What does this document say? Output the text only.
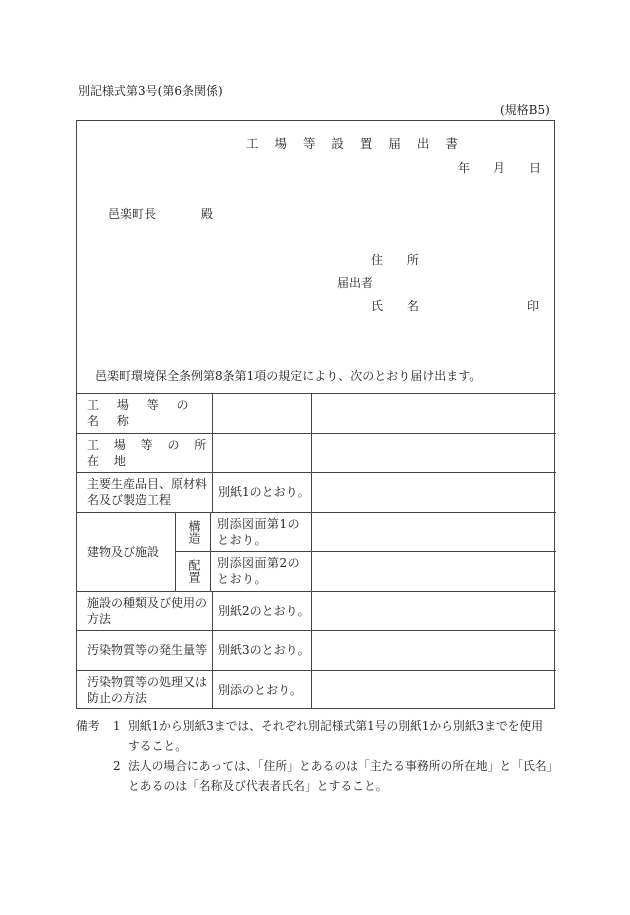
別記様式第3号(第6条関係)
(規格B5)
工 場 等 設 置 届 出 書
年 月 日
邑楽町長	殿
住 所
届出者
氏 名	印
邑楽町環境保全条例第8条第1項の規定により、次のとおり届け出ます。
工 場 等 の 名 称
工 場 等 の 所 在 地
主要生産品目、原材料名及び製造工程
別紙1のとおり。
建物及び施設
構造 別添図面第1のとおり。
配置 別添図面第2のとおり。
施設の種類及び使用の方法
別紙2のとおり。
汚染物質等の発生量等 別紙3のとおり。
汚染物質等の処理又は防止の方法
別添のとおり。
備考 1 別紙1から別紙3までは、それぞれ別記様式第1号の別紙1から別紙3までを使用すること。
2 法人の場合にあっては、「住所」とあるのは「主たる事務所の所在地」と「氏名」とあるのは「名称及び代表者氏名」とすること。
